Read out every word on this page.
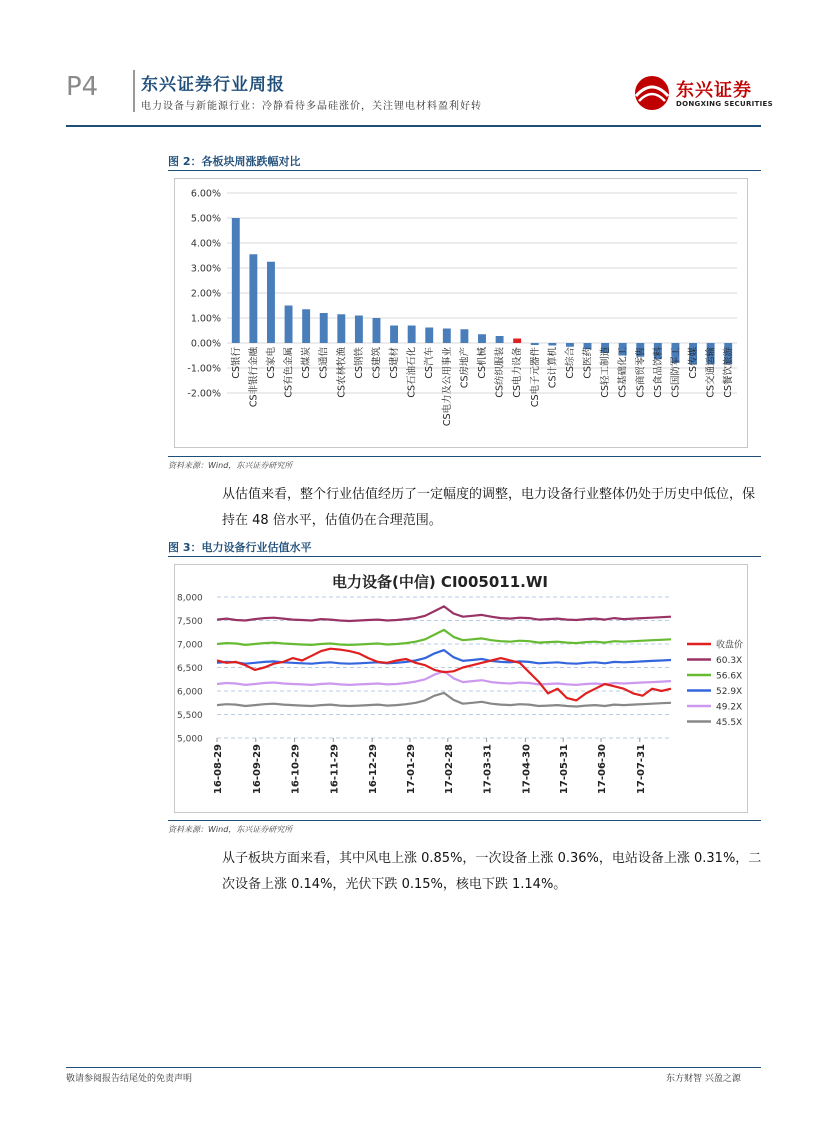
P4	东兴证券行业周报
电力设备与新能源行业：冷静看待多晶硅涨价，关注锂电材料盈利好转
东兴证券
DONGXING SECURITIES
图 2：各板块周涨跌幅对比
6.00%
5.00%
4.00%
3.00%
2.00%
1.00%
0.00%
-1.00%
-2.00%
CS银行 CS非银行金融 CS家电 CS有色金属 CS煤炭 CS通信 CS农林牧渔 CS钢铁 CS建筑 CS建材 CS石油石化 CS汽车 CS电力及公用事业 CS房地产 CS机械 CS纺织服装 CS电力设备 CS电子元器件 CS计算机 CS综合 CS医药 CS轻工制造 CS基础化工 CS商贸零售 CS食品饮料 CS国防军工 CS传媒 CS交通运输 CS餐饮旅游
资料来源：Wind，东兴证券研究所
从估值来看，整个行业估值经历了一定幅度的调整，电力设备行业整体仍处于历史中低位，保持在 48 倍水平，估值仍在合理范围。
图 3：电力设备行业估值水平
电力设备(中信) CI005011.WI
8,000
7,500
7,000
6,500
6,000
5,500
5,000
16-08-29	16-09-29	16-10-29	16-11-29	16-12-29	17-01-29	17-02-28	17-03-31	17-04-30	17-05-31	17-06-30	17-07-31
收盘价
60.3X
56.6X
52.9X
49.2X
45.5X
资料来源：Wind，东兴证券研究所
从子板块方面来看，其中风电上涨 0.85%，一次设备上涨 0.36%，电站设备上涨 0.31%，二次设备上涨 0.14%，光伏下跌 0.15%，核电下跌 1.14%。
敬请参阅报告结尾处的免责声明	东方财智 兴盈之源
